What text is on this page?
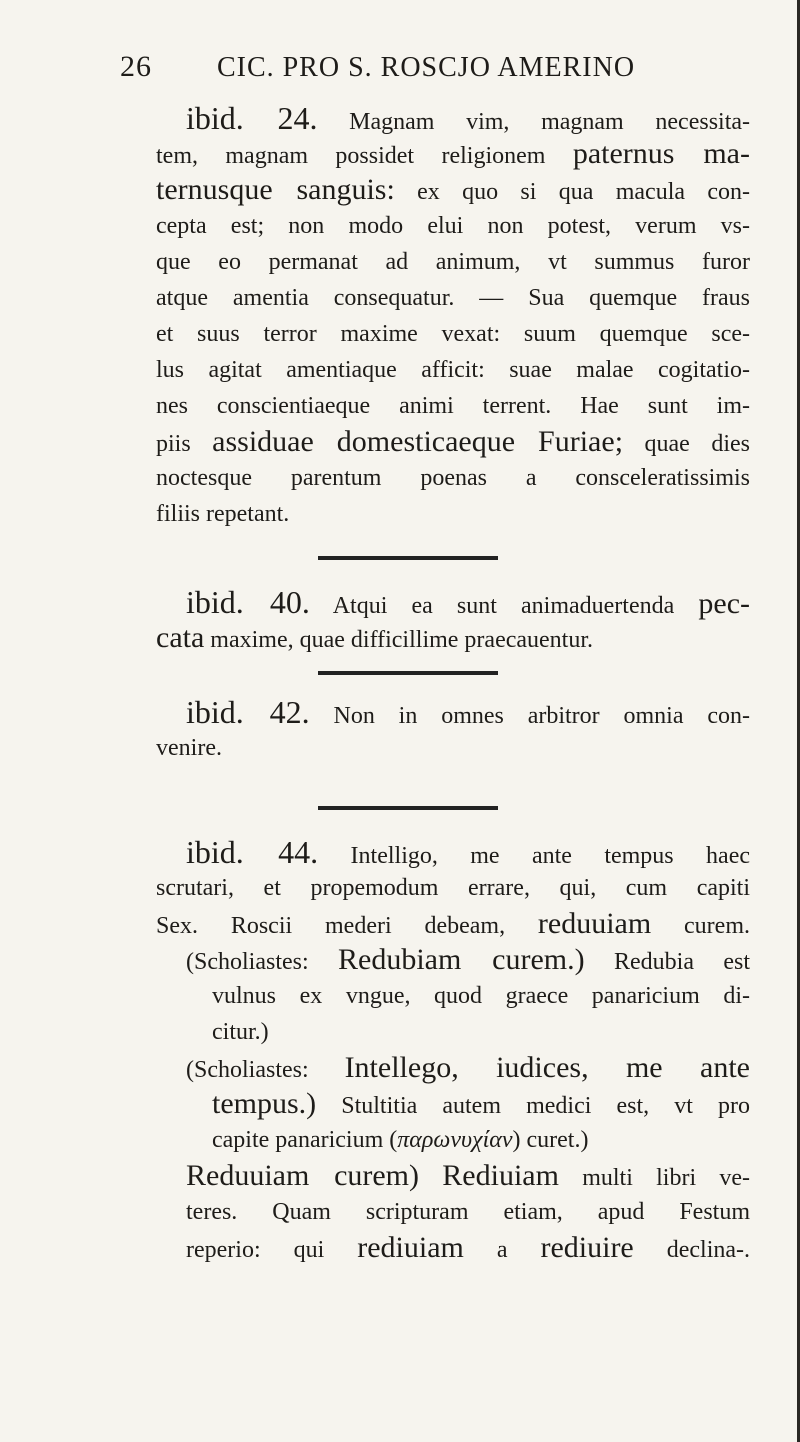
26	CIC. PRO S. ROSCJO AMERINO
ibid. 24. Magnam vim, magnam necessita-
tem, magnam possidet religionem paternus ma-
ternusque sanguis: ex quo si qua macula con-
cepta est; non modo elui non potest, verum vs-
que eo permanat ad animum, vt summus furor
atque amentia consequatur. — Sua quemque fraus
et suus terror maxime vexat: suum quemque sce-
lus agitat amentiaque afficit: suae malae cogitatio-
nes conscientiaeque animi terrent. Hae sunt im-
piis assiduae domesticaeque Furiae; quae dies
noctesque parentum poenas a consceleratissimis
filiis repetant.
ibid. 40. Atqui ea sunt animaduertenda pec-
cata maxime, quae difficillime praecauentur.
ibid. 42. Non in omnes arbitror omnia con-
venire.
ibid. 44. Intelligo, me ante tempus haec
scrutari, et propemodum errare, qui, cum capiti
Sex. Roscii mederi debeam, reduuiam curem.
(Scholiastes: Redubiam curem.) Redubia est
vulnus ex vngue, quod graece panaricium di-
citur.)
(Scholiastes: Intellego, iudices, me ante
tempus.) Stultitia autem medici est, vt pro
capite panaricium (παρωνυχίαν) curet.)
Reduuiam curem) Rediuiam multi libri ve-
teres. Quam scripturam etiam, apud Festum
reperio: qui rediuiam a rediuire declina-.
